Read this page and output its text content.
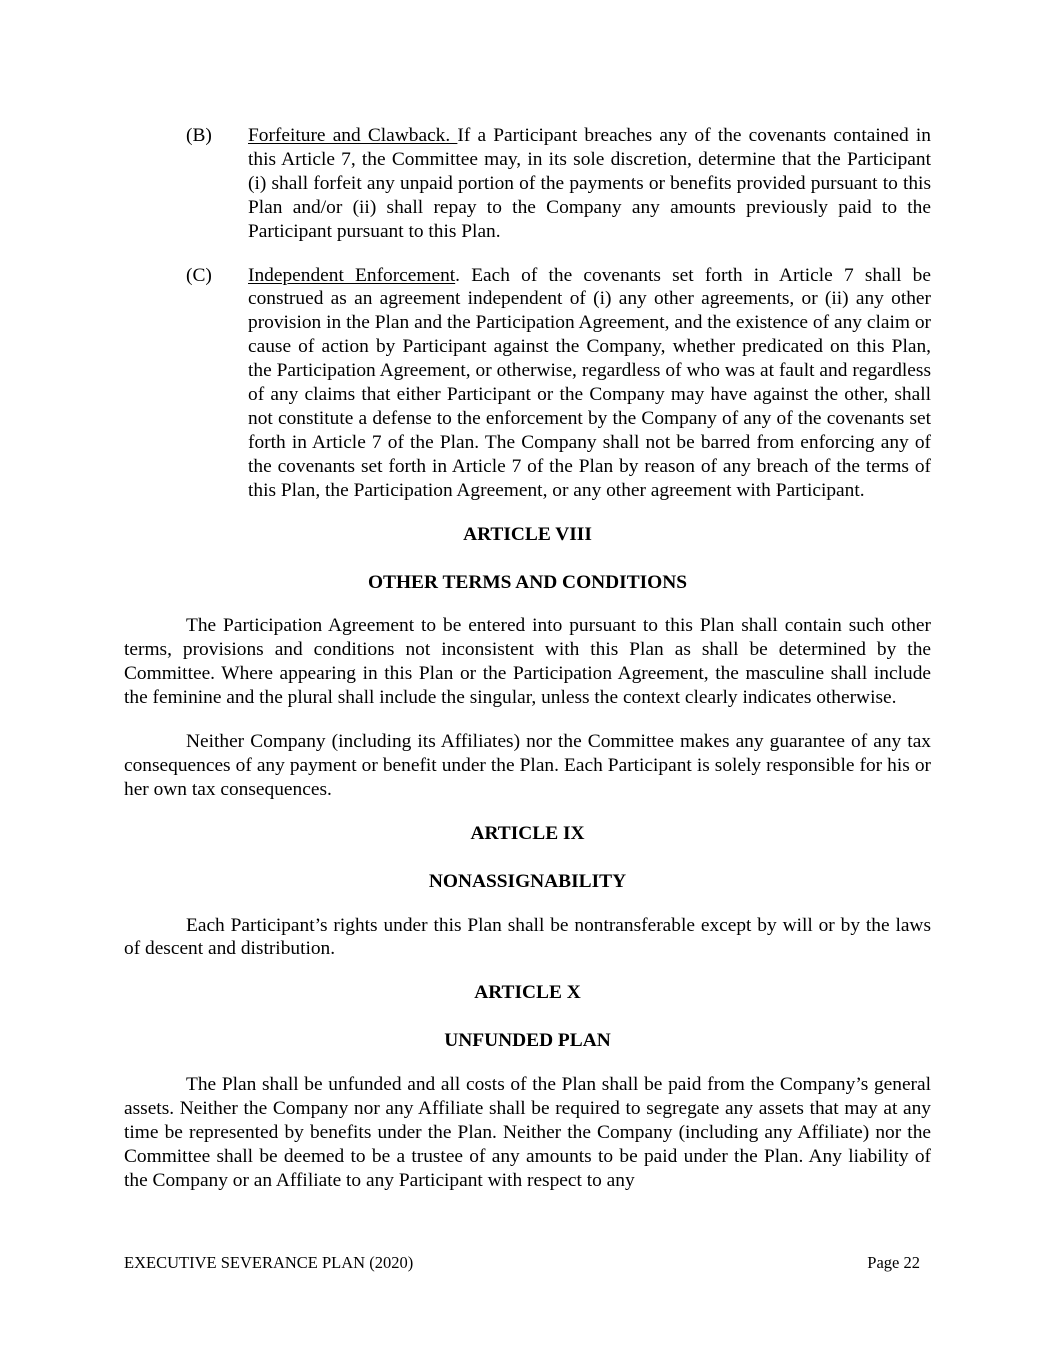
(B) Forfeiture and Clawback. If a Participant breaches any of the covenants contained in this Article 7, the Committee may, in its sole discretion, determine that the Participant (i) shall forfeit any unpaid portion of the payments or benefits provided pursuant to this Plan and/or (ii) shall repay to the Company any amounts previously paid to the Participant pursuant to this Plan.
(C) Independent Enforcement. Each of the covenants set forth in Article 7 shall be construed as an agreement independent of (i) any other agreements, or (ii) any other provision in the Plan and the Participation Agreement, and the existence of any claim or cause of action by Participant against the Company, whether predicated on this Plan, the Participation Agreement, or otherwise, regardless of who was at fault and regardless of any claims that either Participant or the Company may have against the other, shall not constitute a defense to the enforcement by the Company of any of the covenants set forth in Article 7 of the Plan. The Company shall not be barred from enforcing any of the covenants set forth in Article 7 of the Plan by reason of any breach of the terms of this Plan, the Participation Agreement, or any other agreement with Participant.

ARTICLE VIII

OTHER TERMS AND CONDITIONS

The Participation Agreement to be entered into pursuant to this Plan shall contain such other terms, provisions and conditions not inconsistent with this Plan as shall be determined by the Committee. Where appearing in this Plan or the Participation Agreement, the masculine shall include the feminine and the plural shall include the singular, unless the context clearly indicates otherwise.

Neither Company (including its Affiliates) nor the Committee makes any guarantee of any tax consequences of any payment or benefit under the Plan. Each Participant is solely responsible for his or her own tax consequences.

ARTICLE IX

NONASSIGNABILITY

Each Participant’s rights under this Plan shall be nontransferable except by will or by the laws of descent and distribution.

ARTICLE X

UNFUNDED PLAN

The Plan shall be unfunded and all costs of the Plan shall be paid from the Company’s general assets. Neither the Company nor any Affiliate shall be required to segregate any assets that may at any time be represented by benefits under the Plan. Neither the Company (including any Affiliate) nor the Committee shall be deemed to be a trustee of any amounts to be paid under the Plan. Any liability of the Company or an Affiliate to any Participant with respect to any

EXECUTIVE SEVERANCE PLAN (2020)	Page 22
